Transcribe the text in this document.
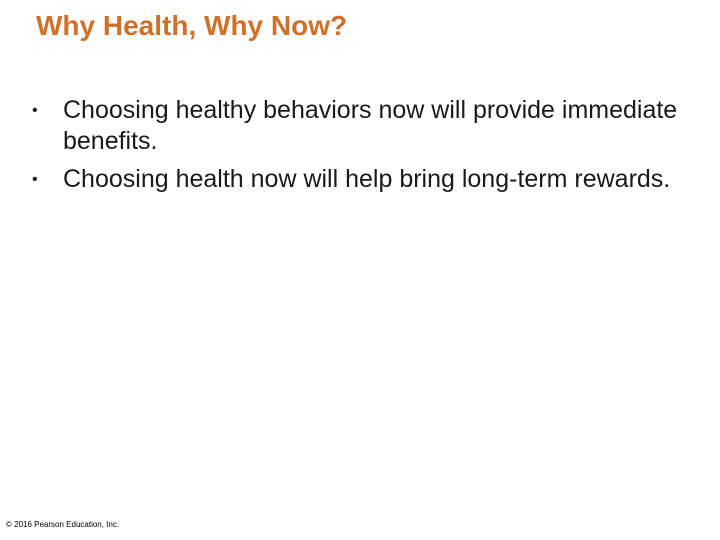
Why Health, Why Now?
• Choosing healthy behaviors now will provide immediate benefits.
• Choosing health now will help bring long-term rewards.
© 2016 Pearson Education, Inc.
